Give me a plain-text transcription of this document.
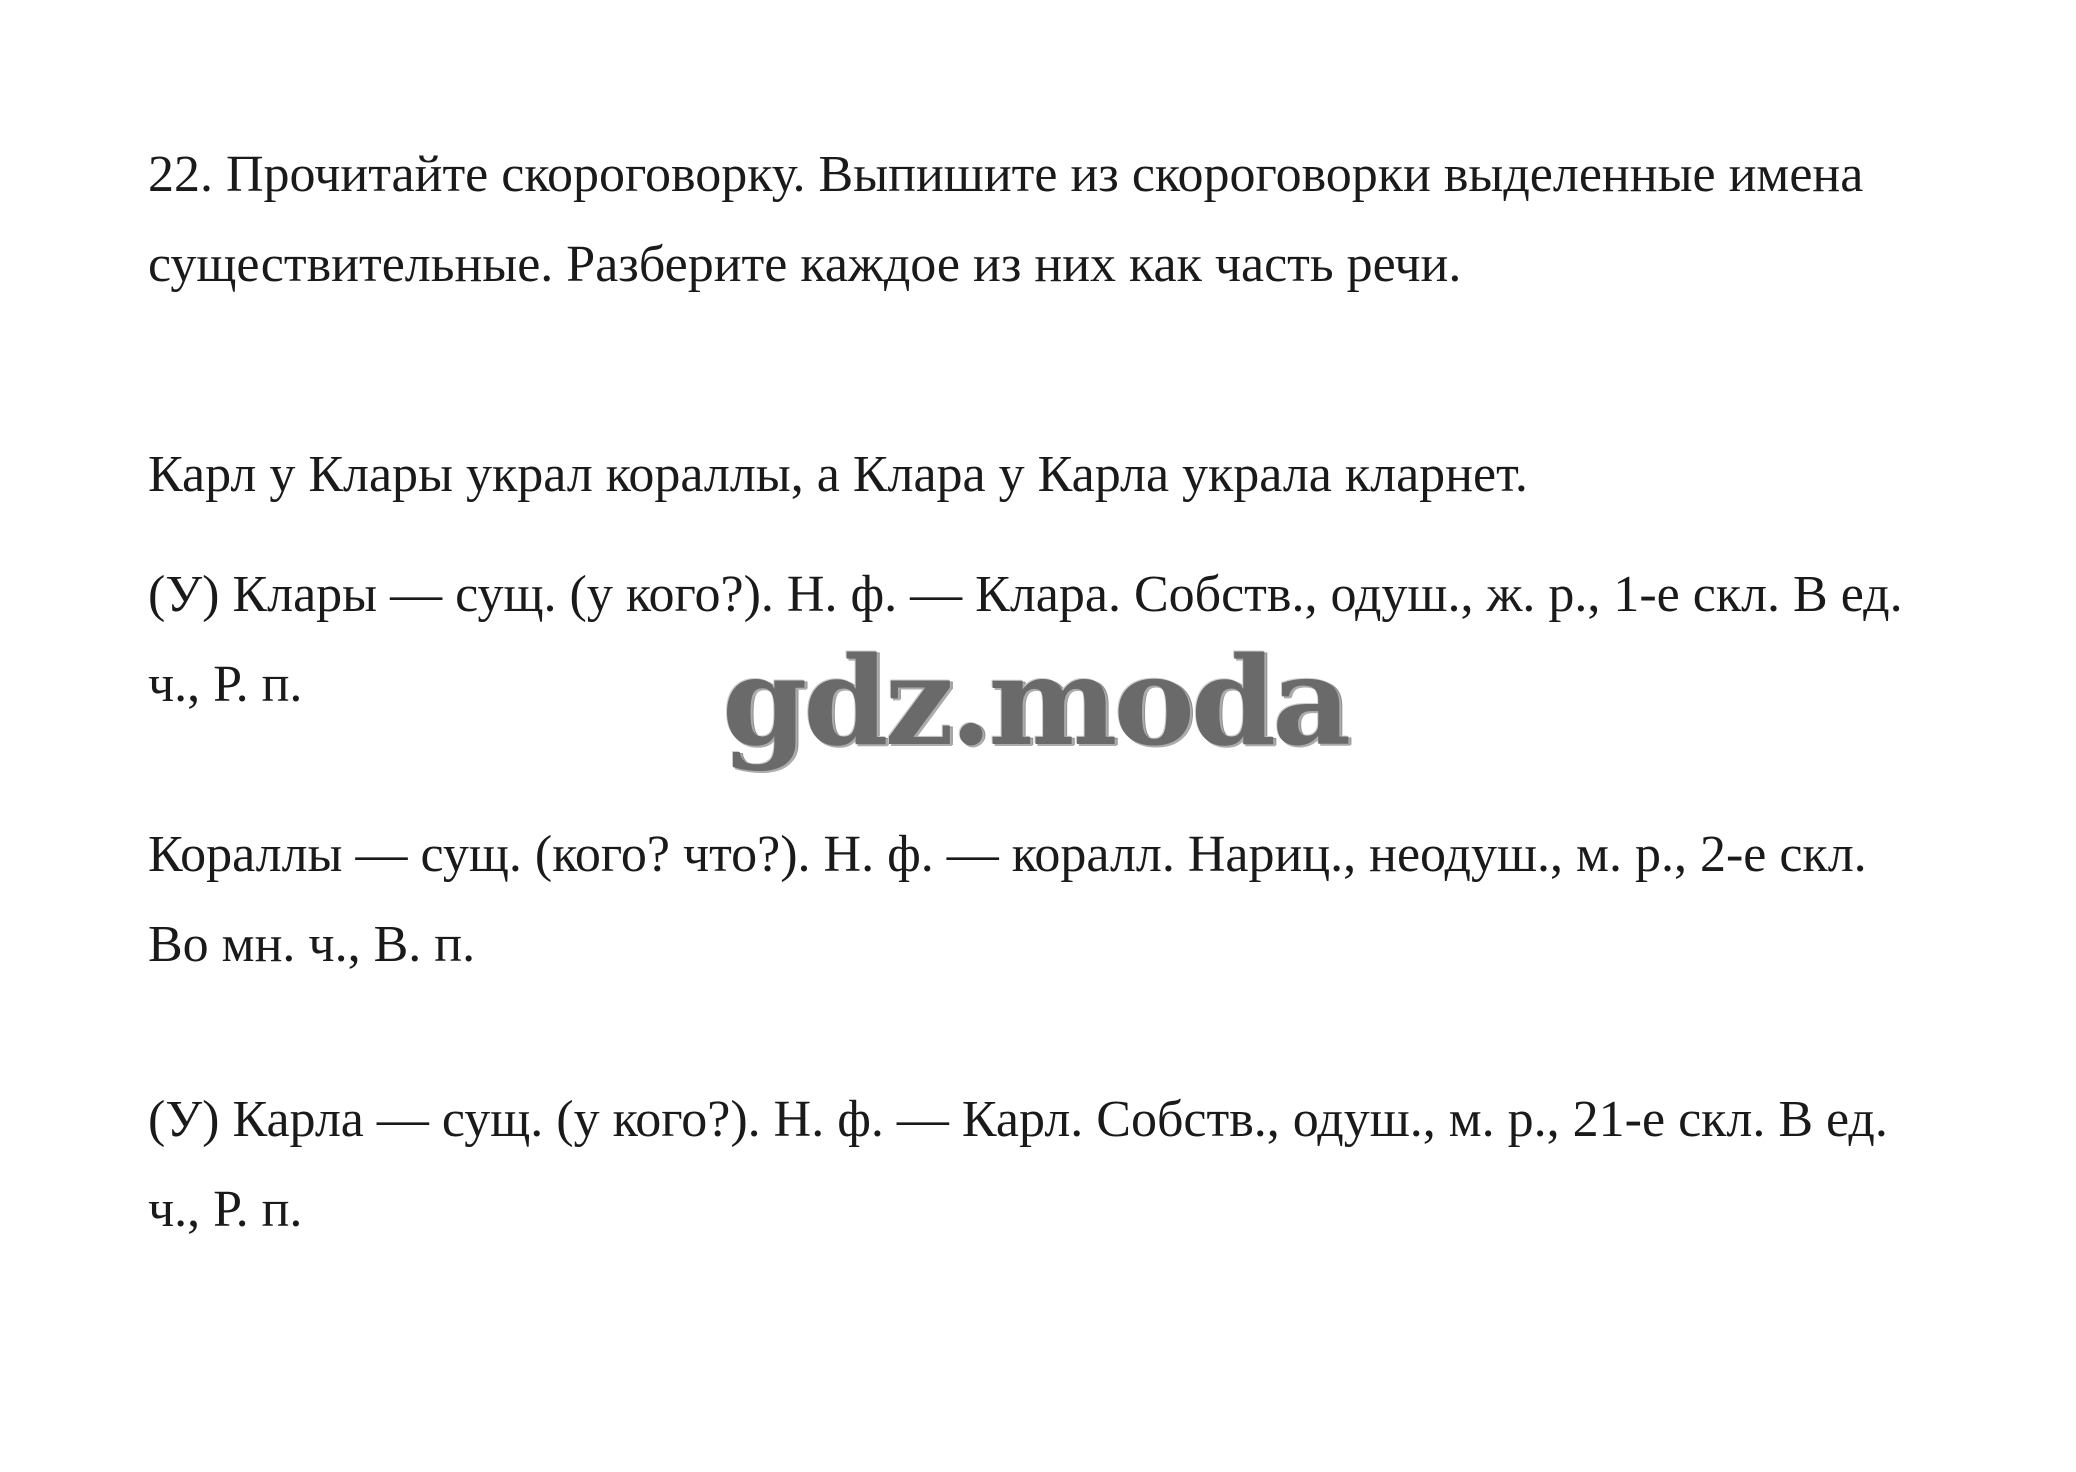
22. Прочитайте скороговорку. Выпишите из скороговорки выделенные имена существительные. Разберите каждое из них как часть речи.

Карл у Клары украл кораллы, а Клара у Карла украла кларнет.

(У) Клары — сущ. (у кого?). Н. ф. — Клара. Собств., одуш., ж. р., 1-е скл. В ед. ч., Р. п.

Кораллы — сущ. (кого? что?). Н. ф. — коралл. Нариц., неодуш., м. р., 2-е скл. Во мн. ч., В. п.

(У) Карла — сущ. (у кого?). Н. ф. — Карл. Собств., одуш., м. р., 21-е скл. В ед. ч., Р. п.

gdz.moda
